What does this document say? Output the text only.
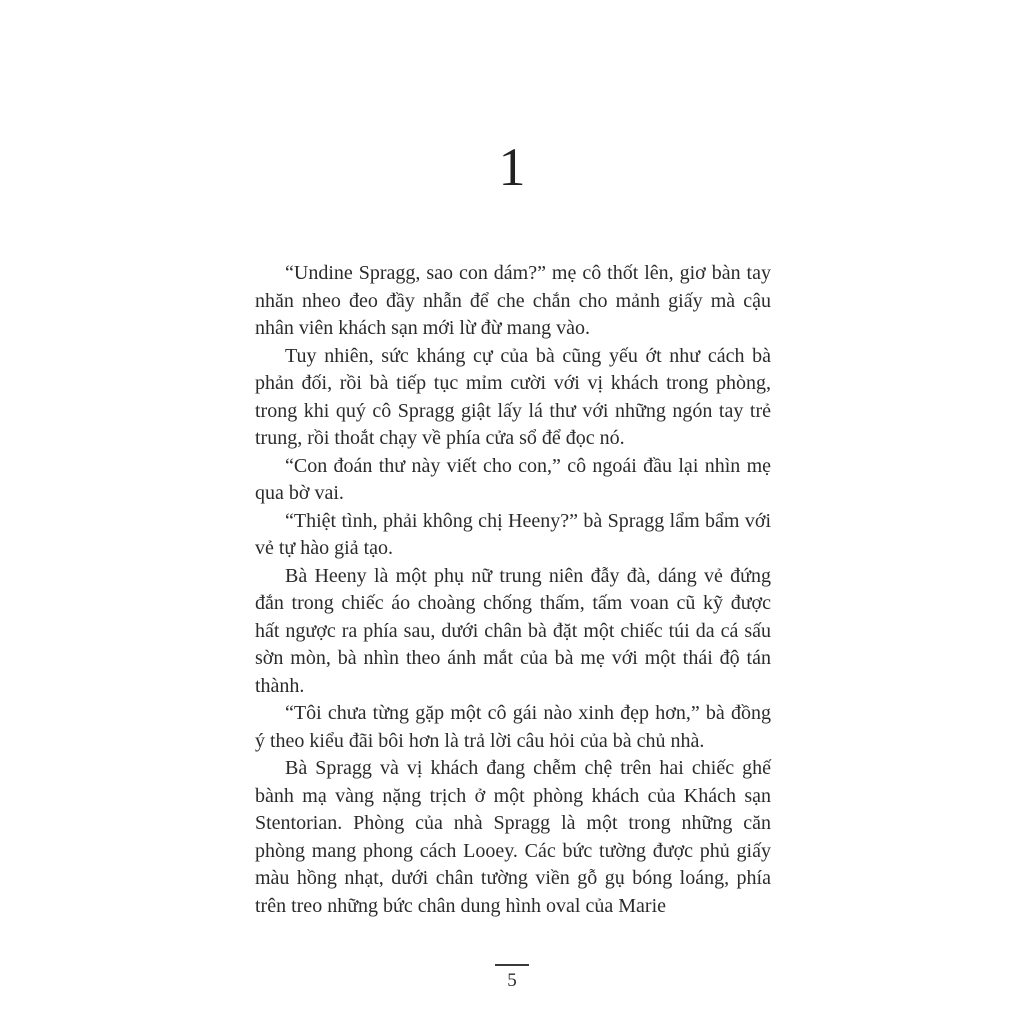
1

“Undine Spragg, sao con dám?” mẹ cô thốt lên, giơ bàn tay nhăn nheo đeo đầy nhẫn để che chắn cho mảnh giấy mà cậu nhân viên khách sạn mới lừ đừ mang vào.

Tuy nhiên, sức kháng cự của bà cũng yếu ớt như cách bà phản đối, rồi bà tiếp tục mỉm cười với vị khách trong phòng, trong khi quý cô Spragg giật lấy lá thư với những ngón tay trẻ trung, rồi thoắt chạy về phía cửa sổ để đọc nó.

“Con đoán thư này viết cho con,” cô ngoái đầu lại nhìn mẹ qua bờ vai.

“Thiệt tình, phải không chị Heeny?” bà Spragg lẩm bẩm với vẻ tự hào giả tạo.

Bà Heeny là một phụ nữ trung niên đẫy đà, dáng vẻ đứng đắn trong chiếc áo choàng chống thấm, tấm voan cũ kỹ được hất ngược ra phía sau, dưới chân bà đặt một chiếc túi da cá sấu sờn mòn, bà nhìn theo ánh mắt của bà mẹ với một thái độ tán thành.

“Tôi chưa từng gặp một cô gái nào xinh đẹp hơn,” bà đồng ý theo kiểu đãi bôi hơn là trả lời câu hỏi của bà chủ nhà.

Bà Spragg và vị khách đang chễm chệ trên hai chiếc ghế bành mạ vàng nặng trịch ở một phòng khách của Khách sạn Stentorian. Phòng của nhà Spragg là một trong những căn phòng mang phong cách Looey. Các bức tường được phủ giấy màu hồng nhạt, dưới chân tường viền gỗ gụ bóng loáng, phía trên treo những bức chân dung hình oval của Marie

5
